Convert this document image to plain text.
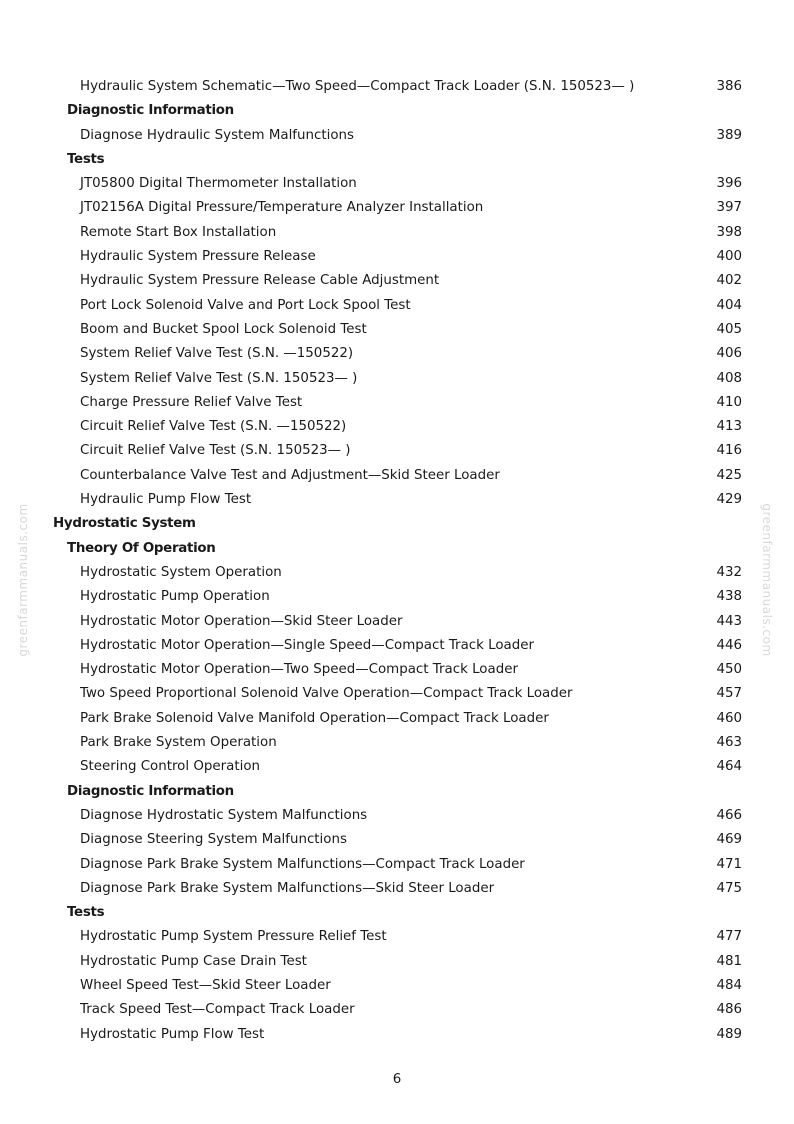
Hydraulic System Schematic—Two Speed—Compact Track Loader (S.N. 150523— )	386
Diagnostic Information
Diagnose Hydraulic System Malfunctions	389
Tests
JT05800 Digital Thermometer Installation	396
JT02156A Digital Pressure/Temperature Analyzer Installation	397
Remote Start Box Installation	398
Hydraulic System Pressure Release	400
Hydraulic System Pressure Release Cable Adjustment	402
Port Lock Solenoid Valve and Port Lock Spool Test	404
Boom and Bucket Spool Lock Solenoid Test	405
System Relief Valve Test (S.N. —150522)	406
System Relief Valve Test (S.N. 150523— )	408
Charge Pressure Relief Valve Test	410
Circuit Relief Valve Test (S.N. —150522)	413
Circuit Relief Valve Test (S.N. 150523— )	416
Counterbalance Valve Test and Adjustment—Skid Steer Loader	425
Hydraulic Pump Flow Test	429
Hydrostatic System
Theory Of Operation
Hydrostatic System Operation	432
Hydrostatic Pump Operation	438
Hydrostatic Motor Operation—Skid Steer Loader	443
Hydrostatic Motor Operation—Single Speed—Compact Track Loader	446
Hydrostatic Motor Operation—Two Speed—Compact Track Loader	450
Two Speed Proportional Solenoid Valve Operation—Compact Track Loader	457
Park Brake Solenoid Valve Manifold Operation—Compact Track Loader	460
Park Brake System Operation	463
Steering Control Operation	464
Diagnostic Information
Diagnose Hydrostatic System Malfunctions	466
Diagnose Steering System Malfunctions	469
Diagnose Park Brake System Malfunctions—Compact Track Loader	471
Diagnose Park Brake System Malfunctions—Skid Steer Loader	475
Tests
Hydrostatic Pump System Pressure Relief Test	477
Hydrostatic Pump Case Drain Test	481
Wheel Speed Test—Skid Steer Loader	484
Track Speed Test—Compact Track Loader	486
Hydrostatic Pump Flow Test	489
6
greenfarmmanuals.com	greenfarmmanuals.com
